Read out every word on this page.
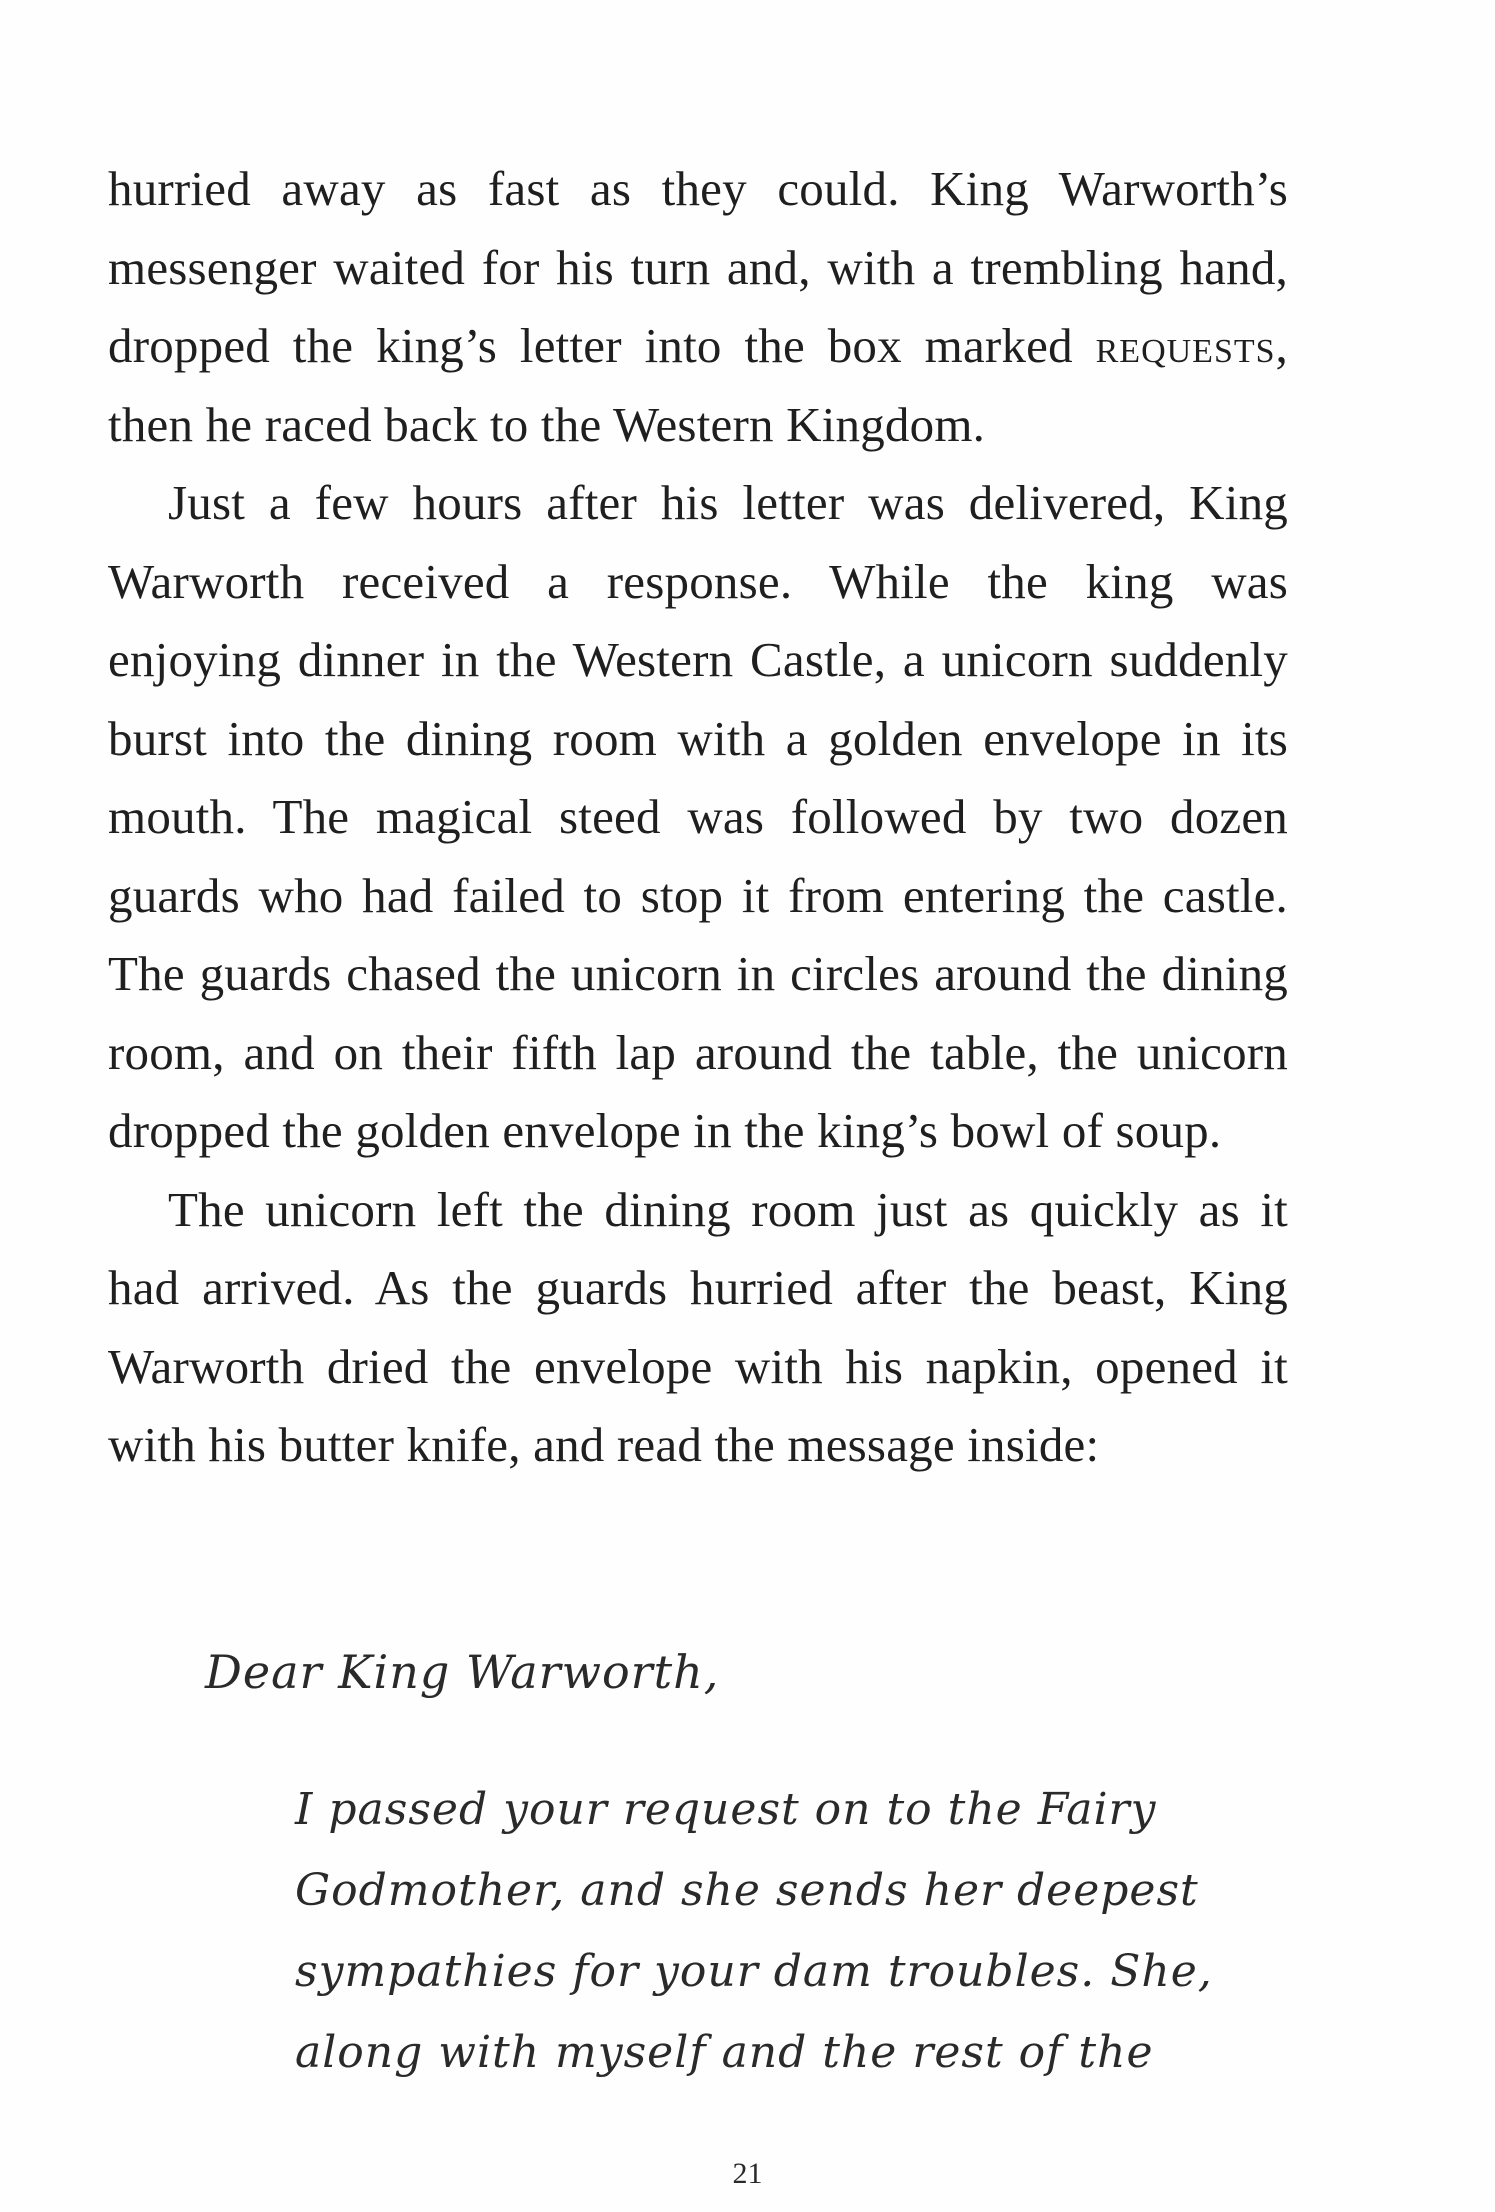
hurried away as fast as they could. King Warworth’s messenger waited for his turn and, with a trembling hand, dropped the king’s letter into the box marked requests, then he raced back to the Western Kingdom.

Just a few hours after his letter was delivered, King Warworth received a response. While the king was enjoying dinner in the Western Castle, a unicorn suddenly burst into the dining room with a golden envelope in its mouth. The magical steed was followed by two dozen guards who had failed to stop it from entering the castle. The guards chased the unicorn in circles around the dining room, and on their fifth lap around the table, the unicorn dropped the golden envelope in the king’s bowl of soup.

The unicorn left the dining room just as quickly as it had arrived. As the guards hurried after the beast, King Warworth dried the envelope with his napkin, opened it with his butter knife, and read the message inside:

Dear King Warworth,

I passed your request on to the Fairy Godmother, and she sends her deepest sympathies for your dam troubles. She, along with myself and the rest of the

21
